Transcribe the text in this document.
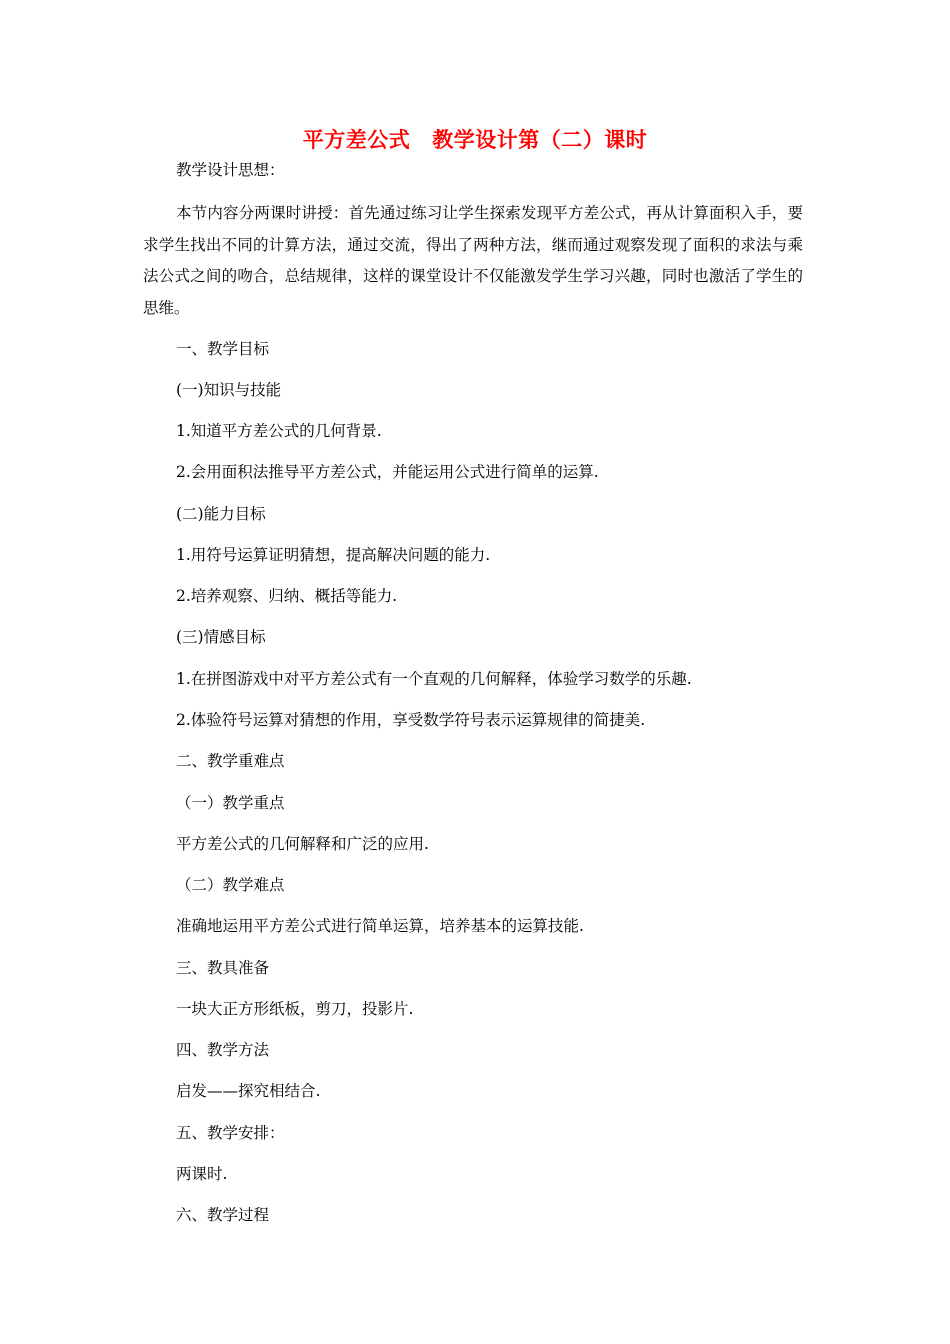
平方差公式 教学设计第（二）课时
教学设计思想：
本节内容分两课时讲授：首先通过练习让学生探索发现平方差公式，再从计算面积入手，要求学生找出不同的计算方法，通过交流，得出了两种方法，继而通过观察发现了面积的求法与乘法公式之间的吻合，总结规律，这样的课堂设计不仅能激发学生学习兴趣，同时也激活了学生的思维。
一、教学目标
(一)知识与技能
1.知道平方差公式的几何背景.
2.会用面积法推导平方差公式，并能运用公式进行简单的运算.
(二)能力目标
1.用符号运算证明猜想，提高解决问题的能力.
2.培养观察、归纳、概括等能力.
(三)情感目标
1.在拼图游戏中对平方差公式有一个直观的几何解释，体验学习数学的乐趣.
2.体验符号运算对猜想的作用，享受数学符号表示运算规律的简捷美.
二、教学重难点
（一）教学重点
平方差公式的几何解释和广泛的应用.
（二）教学难点
准确地运用平方差公式进行简单运算，培养基本的运算技能.
三、教具准备
一块大正方形纸板，剪刀，投影片.
四、教学方法
启发——探究相结合.
五、教学安排：
两课时.
六、教学过程
